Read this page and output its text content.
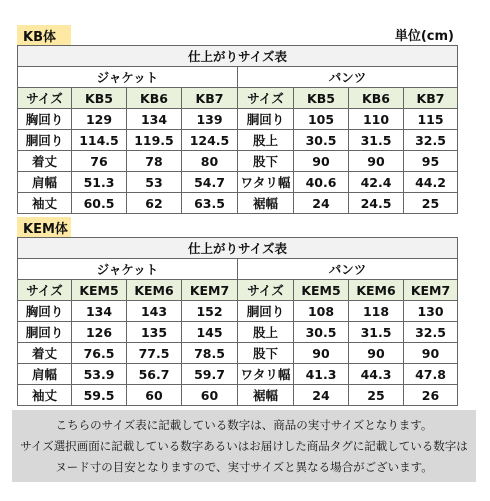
単位(cm)
KB体
仕上がりサイズ表							
ジャケット				パンツ			
サイズ	KB5	KB6	KB7	サイズ	KB5	KB6	KB7
胸回り	129	134	139	胴回り	105	110	115
胴回り	114.5	119.5	124.5	股上	30.5	31.5	32.5
着丈	76	78	80	股下	90	90	95
肩幅	51.3	53	54.7	ワタリ幅	40.6	42.4	44.2
袖丈	60.5	62	63.5	裾幅	24	24.5	25
KEM体
仕上がりサイズ表							
ジャケット				パンツ			
サイズ	KEM5	KEM6	KEM7	サイズ	KEM5	KEM6	KEM7
胸回り	134	143	152	胴回り	108	118	130
胴回り	126	135	145	股上	30.5	31.5	32.5
着丈	76.5	77.5	78.5	股下	90	90	90
肩幅	53.9	56.7	59.7	ワタリ幅	41.3	44.3	47.8
袖丈	59.5	60	60	裾幅	24	25	26
こちらのサイズ表に記載している数字は、商品の実寸サイズとなります。
サイズ選択画面に記載している数字あるいはお届けした商品タグに記載している数字は
ヌード寸の目安となりますので、実寸サイズと異なる場合がございます。
